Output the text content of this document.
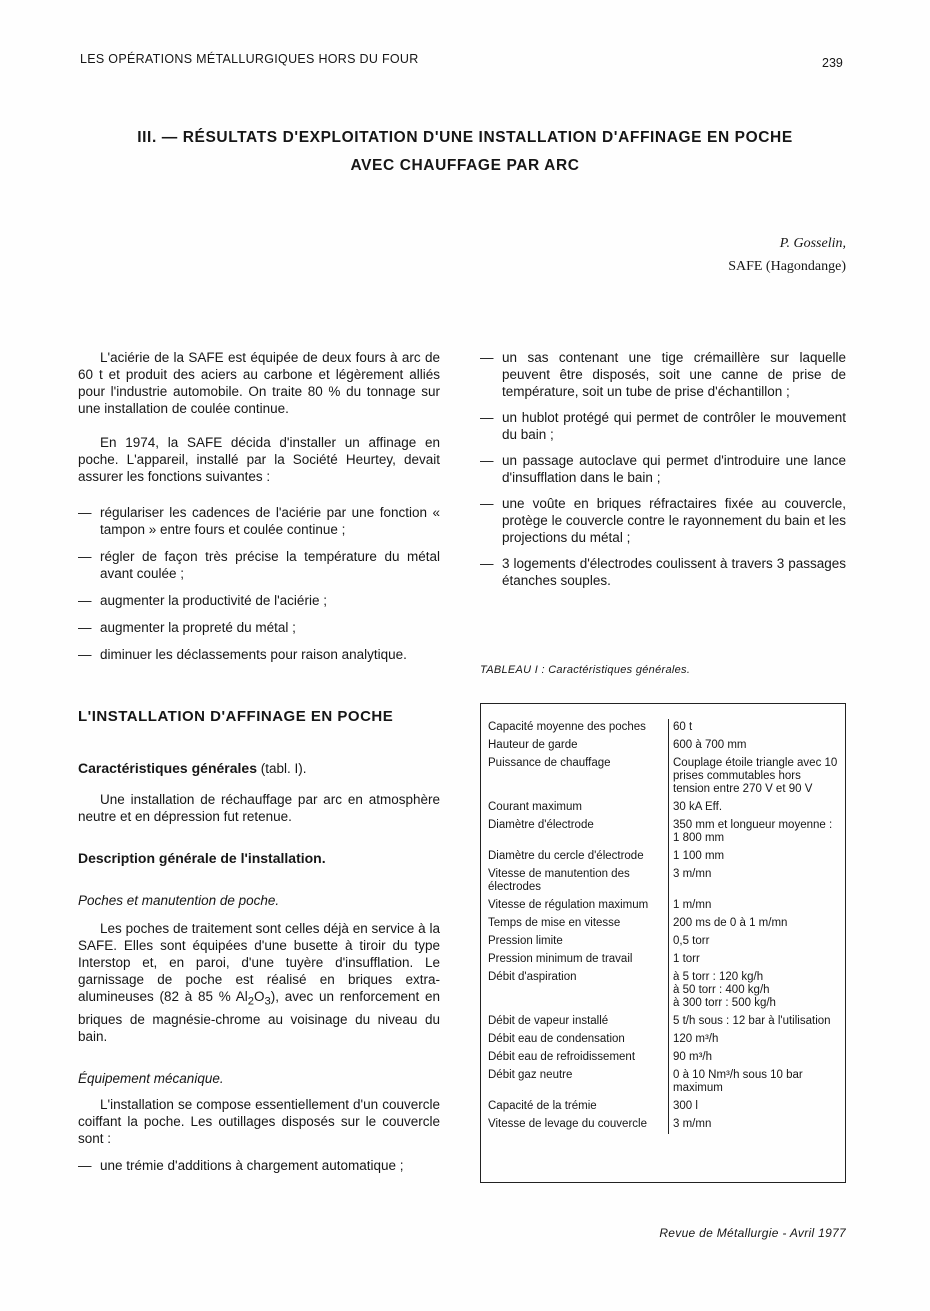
LES OPÉRATIONS MÉTALLURGIQUES HORS DU FOUR	239
III. — RÉSULTATS D'EXPLOITATION D'UNE INSTALLATION D'AFFINAGE EN POCHE
AVEC CHAUFFAGE PAR ARC
P. Gosselin,
SAFE (Hagondange)

L'aciérie de la SAFE est équipée de deux fours à arc de 60 t et produit des aciers au carbone et légèrement alliés pour l'industrie automobile. On traite 80 % du tonnage sur une installation de coulée continue.

En 1974, la SAFE décida d'installer un affinage en poche. L'appareil, installé par la Société Heurtey, devait assurer les fonctions suivantes :

— régulariser les cadences de l'aciérie par une fonction « tampon » entre fours et coulée continue ;
— régler de façon très précise la température du métal avant coulée ;
— augmenter la productivité de l'aciérie ;
— augmenter la propreté du métal ;
— diminuer les déclassements pour raison analytique.
L'INSTALLATION D'AFFINAGE EN POCHE
Caractéristiques générales (tabl. I).

Une installation de réchauffage par arc en atmosphère neutre et en dépression fut retenue.

Description générale de l'installation.
Poches et manutention de poche.

Les poches de traitement sont celles déjà en service à la SAFE. Elles sont équipées d'une busette à tiroir du type Interstop et, en paroi, d'une tuyère d'insufflation. Le garnissage de poche est réalisé en briques extra-alumineuses (82 à 85 % $Al_2O_3$), avec un renforcement en briques de magnésie-chrome au voisinage du niveau du bain.

Équipement mécanique.

L'installation se compose essentiellement d'un couvercle coiffant la poche. Les outillages disposés sur le couvercle sont :

— une trémie d'additions à chargement automatique ;
— un sas contenant une tige crémaillère sur laquelle peuvent être disposés, soit une canne de prise de température, soit un tube de prise d'échantillon ;
— un hublot protégé qui permet de contrôler le mouvement du bain ;
— un passage autoclave qui permet d'introduire une lance d'insufflation dans le bain ;
— une voûte en briques réfractaires fixée au couvercle, protège le couvercle contre le rayonnement du bain et les projections du métal ;
— 3 logements d'électrodes coulissent à travers 3 passages étanches souples.
TABLEAU I : Caractéristiques générales.
Capacité moyenne des poches	60 t
Hauteur de garde	600 à 700 mm
Puissance de chauffage	Couplage étoile triangle avec 10 prises commutables hors tension entre 270 V et 90 V
Courant maximum	30 kA Eff.
Diamètre d'électrode	350 mm et longueur moyenne : 1 800 mm
Diamètre du cercle d'électrode	1 100 mm
Vitesse de manutention des électrodes	3 m/mn
Vitesse de régulation maximum	1 m/mn
Temps de mise en vitesse	200 ms de 0 à 1 m/mn
Pression limite	0,5 torr
Pression minimum de travail	1 torr
Débit d'aspiration	à 5 torr : 120 kg/h
à 50 torr : 400 kg/h
à 300 torr : 500 kg/h
Débit de vapeur installé	5 t/h sous : 12 bar à l'utilisation
Débit eau de condensation	120 m³/h
Débit eau de refroidissement	90 m³/h
Débit gaz neutre	0 à 10 Nm³/h sous 10 bar maximum
Capacité de la trémie	300 l
Vitesse de levage du couvercle	3 m/mn
Revue de Métallurgie - Avril 1977
